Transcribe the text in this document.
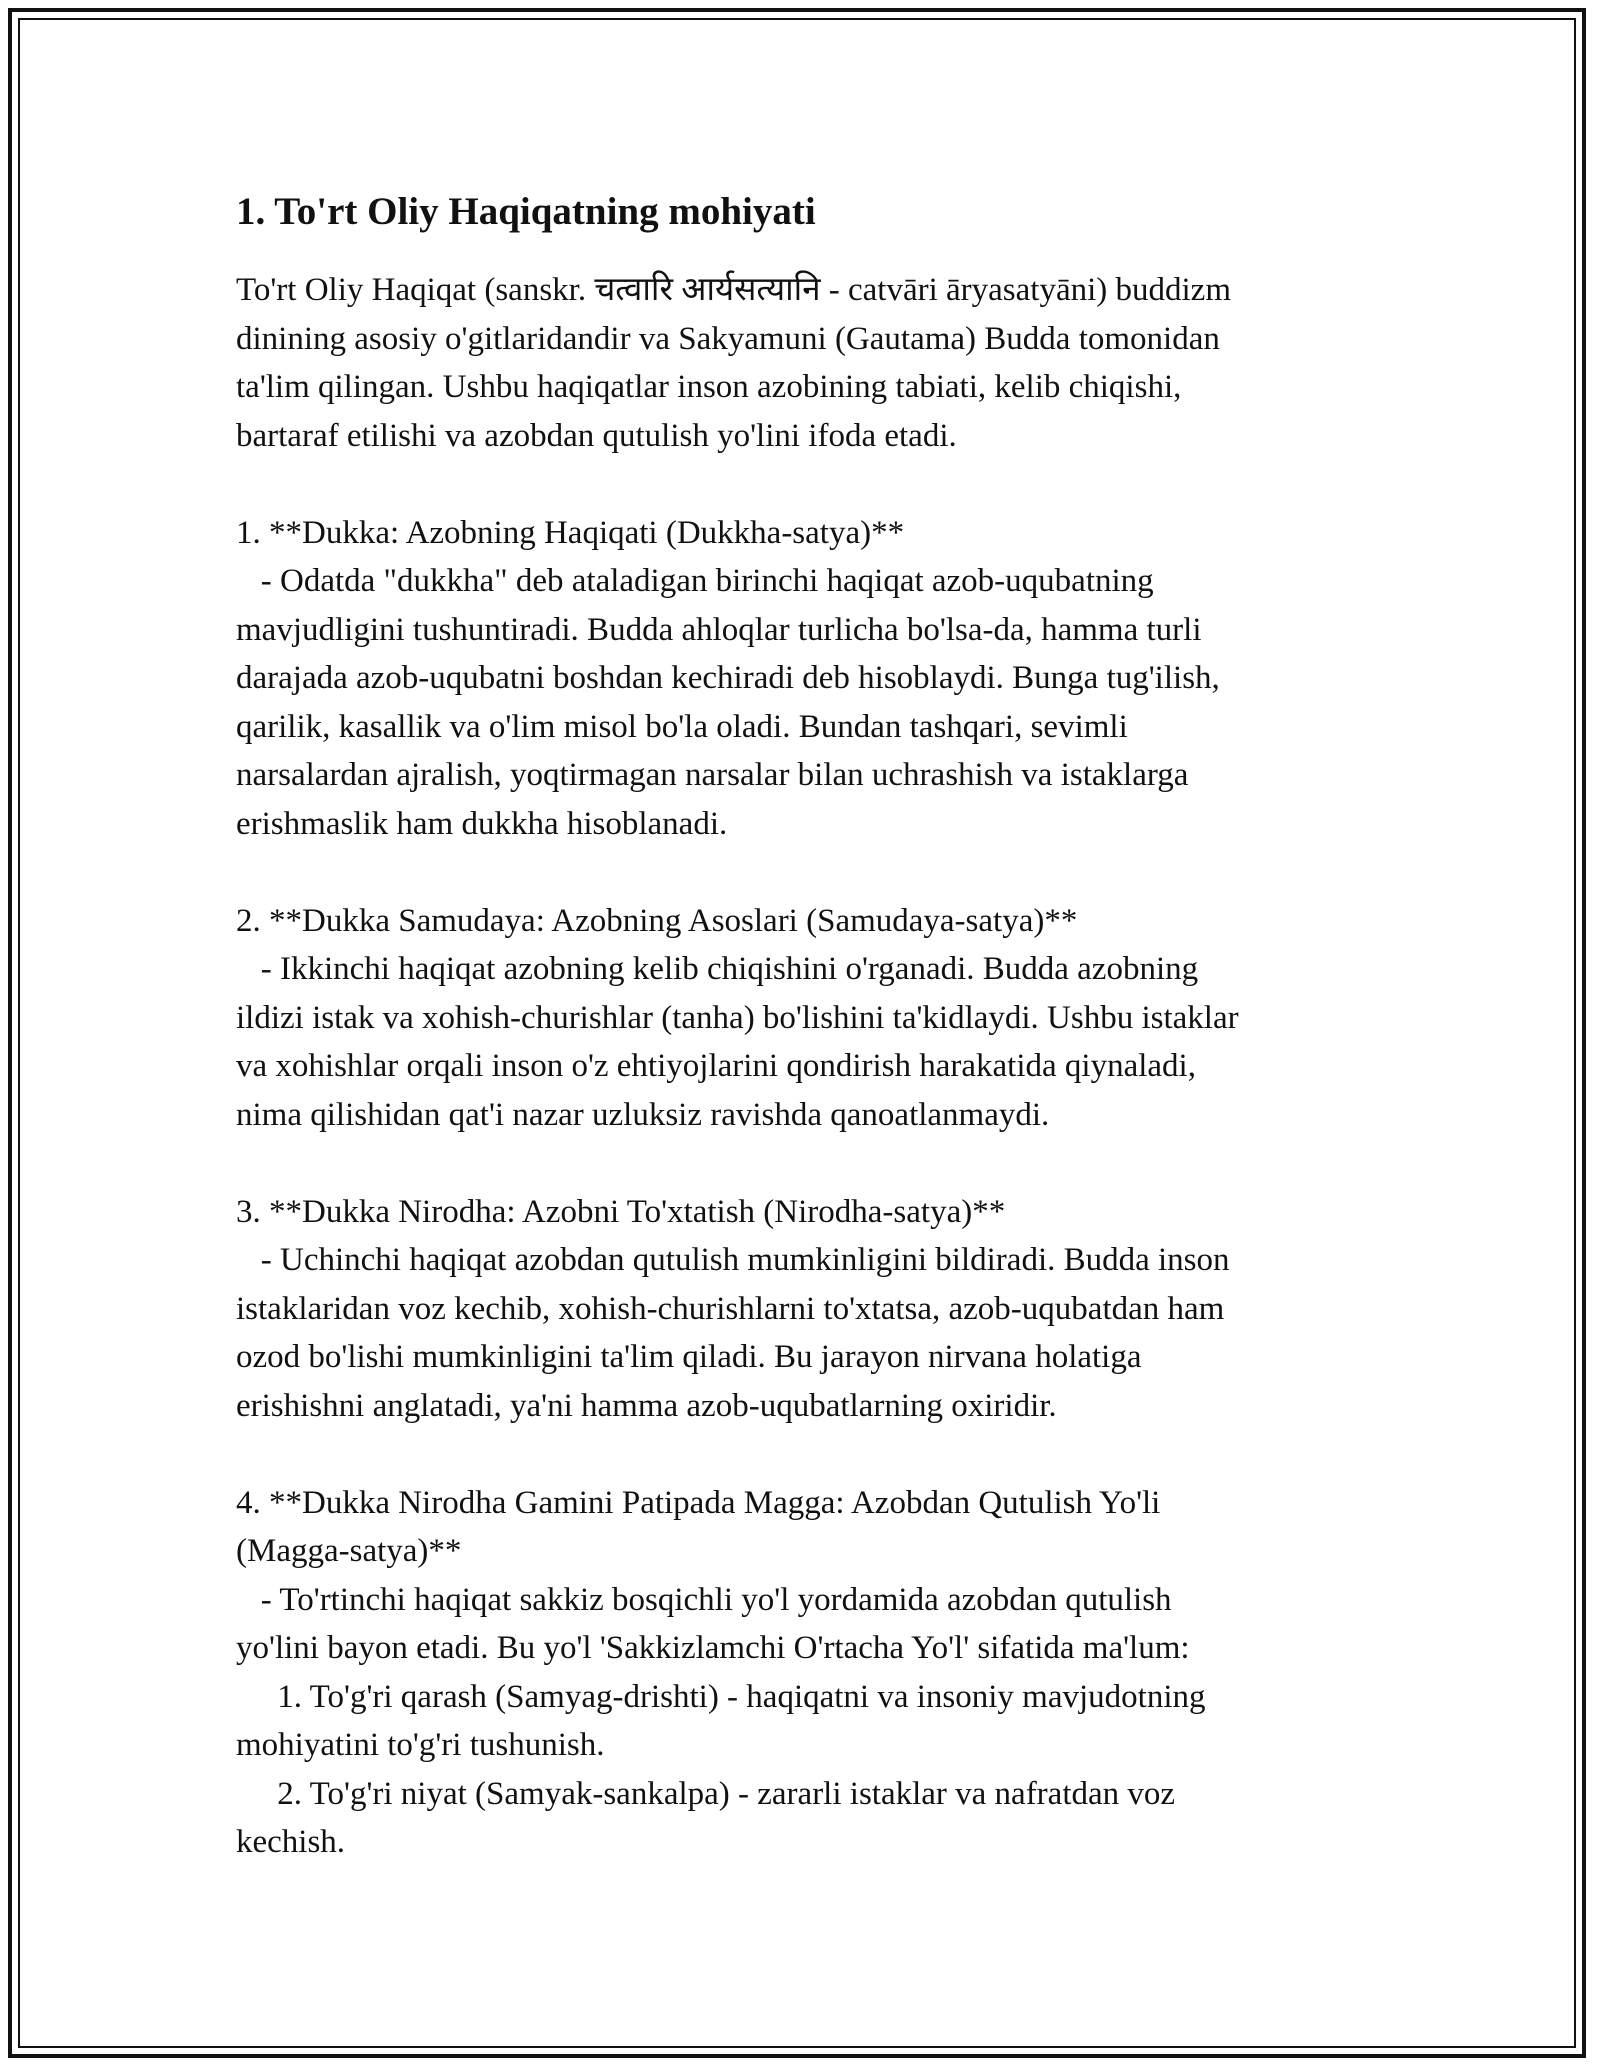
1. To'rt Oliy Haqiqatning mohiyati

To'rt Oliy Haqiqat (sanskr. चत्वारि आर्यसत्यानि - catvāri āryasatyāni) buddizm
dinining asosiy o'gitlaridandir va Sakyamuni (Gautama) Budda tomonidan
ta'lim qilingan. Ushbu haqiqatlar inson azobining tabiati, kelib chiqishi,
bartaraf etilishi va azobdan qutulish yo'lini ifoda etadi.

1. **Dukka: Azobning Haqiqati (Dukkha-satya)**
- Odatda "dukkha" deb ataladigan birinchi haqiqat azob-uqubatning
mavjudligini tushuntiradi. Budda ahloqlar turlicha bo'lsa-da, hamma turli
darajada azob-uqubatni boshdan kechiradi deb hisoblaydi. Bunga tug'ilish,
qarilik, kasallik va o'lim misol bo'la oladi. Bundan tashqari, sevimli
narsalardan ajralish, yoqtirmagan narsalar bilan uchrashish va istaklarga
erishmaslik ham dukkha hisoblanadi.

2. **Dukka Samudaya: Azobning Asoslari (Samudaya-satya)**
- Ikkinchi haqiqat azobning kelib chiqishini o'rganadi. Budda azobning
ildizi istak va xohish-churishlar (tanha) bo'lishini ta'kidlaydi. Ushbu istaklar
va xohishlar orqali inson o'z ehtiyojlarini qondirish harakatida qiynaladi,
nima qilishidan qat'i nazar uzluksiz ravishda qanoatlanmaydi.

3. **Dukka Nirodha: Azobni To'xtatish (Nirodha-satya)**
- Uchinchi haqiqat azobdan qutulish mumkinligini bildiradi. Budda inson
istaklaridan voz kechib, xohish-churishlarni to'xtatsa, azob-uqubatdan ham
ozod bo'lishi mumkinligini ta'lim qiladi. Bu jarayon nirvana holatiga
erishishni anglatadi, ya'ni hamma azob-uqubatlarning oxiridir.

4. **Dukka Nirodha Gamini Patipada Magga: Azobdan Qutulish Yo'li
(Magga-satya)**
- To'rtinchi haqiqat sakkiz bosqichli yo'l yordamida azobdan qutulish
yo'lini bayon etadi. Bu yo'l 'Sakkizlamchi O'rtacha Yo'l' sifatida ma'lum:
1. To'g'ri qarash (Samyag-drishti) - haqiqatni va insoniy mavjudotning
mohiyatini to'g'ri tushunish.
2. To'g'ri niyat (Samyak-sankalpa) - zararli istaklar va nafratdan voz
kechish.
